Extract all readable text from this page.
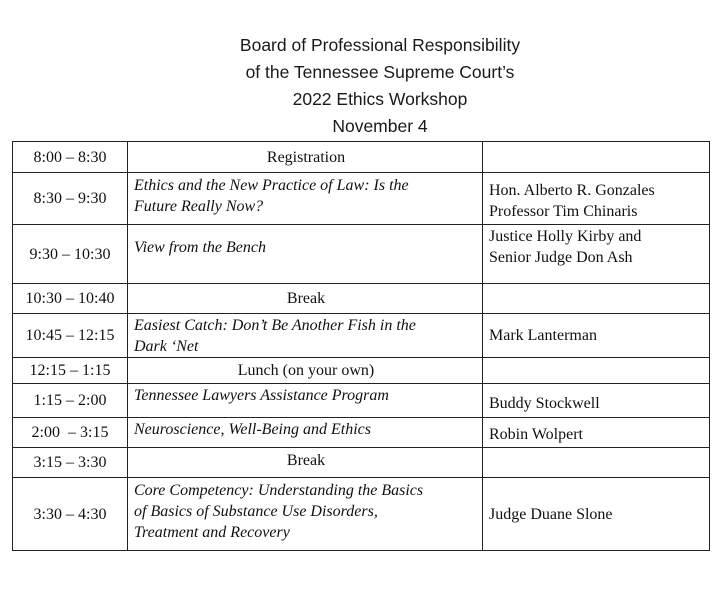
Board of Professional Responsibility
of the Tennessee Supreme Court’s
2022 Ethics Workshop
November 4
8:00 – 8:30	Registration	

8:30 – 9:30	Ethics and the New Practice of Law: Is the
Future Really Now?	Hon. Alberto R. Gonzales
Professor Tim Chinaris

9:30 – 10:30	View from the Bench	Justice Holly Kirby and
Senior Judge Don Ash

10:30 – 10:40	Break	

10:45 – 12:15	Easiest Catch: Don’t Be Another Fish in the
Dark ‘Net	Mark Lanterman

12:15 – 1:15	Lunch (on your own)	

1:15 – 2:00	Tennessee Lawyers Assistance Program	Buddy Stockwell

2:00  – 3:15	Neuroscience, Well-Being and Ethics	Robin Wolpert

3:15 – 3:30	Break	

3:30 – 4:30	Core Competency: Understanding the Basics
of Basics of Substance Use Disorders,
Treatment and Recovery	Judge Duane Slone
